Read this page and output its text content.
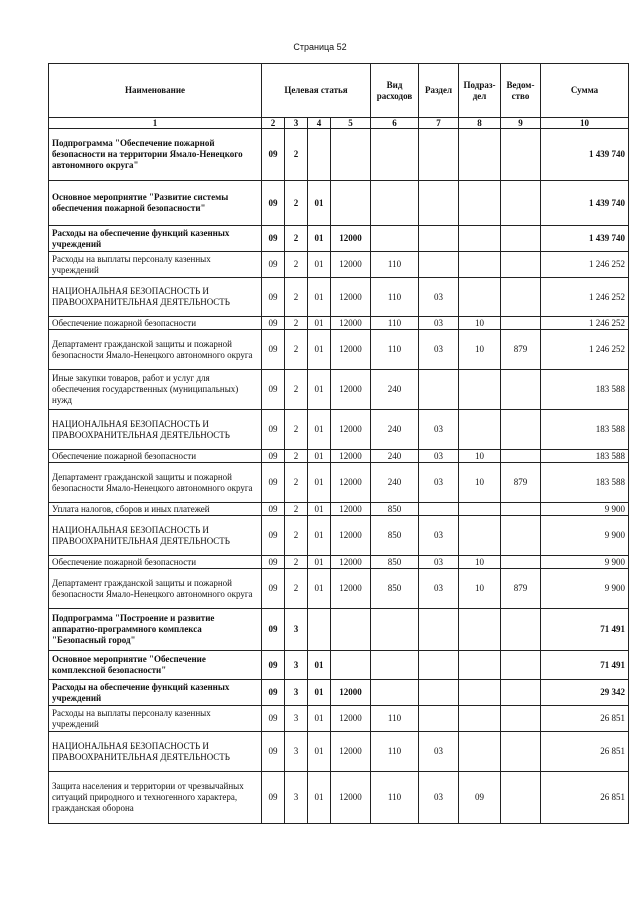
Страница 52
Наименование	Целевая статья				Вид расходов	Раздел	Подраз-дел	Ведом-ство	Сумма
1	2	3	4	5	6	7	8	9	10
Подпрограмма "Обеспечение пожарной безопасности на территории Ямало-Ненецкого автономного округа"	09	2							1 439 740
Основное мероприятие "Развитие системы обеспечения пожарной безопасности"	09	2	01						1 439 740
Расходы на обеспечение функций казенных учреждений	09	2	01	12000					1 439 740
Расходы на выплаты персоналу казенных учреждений	09	2	01	12000	110				1 246 252
НАЦИОНАЛЬНАЯ БЕЗОПАСНОСТЬ И ПРАВООХРАНИТЕЛЬНАЯ ДЕЯТЕЛЬНОСТЬ	09	2	01	12000	110	03			1 246 252
Обеспечение пожарной безопасности	09	2	01	12000	110	03	10		1 246 252
Департамент гражданской защиты и пожарной безопасности Ямало-Ненецкого автономного округа	09	2	01	12000	110	03	10	879	1 246 252
Иные закупки товаров, работ и услуг для обеспечения государственных (муниципальных) нужд	09	2	01	12000	240				183 588
НАЦИОНАЛЬНАЯ БЕЗОПАСНОСТЬ И ПРАВООХРАНИТЕЛЬНАЯ ДЕЯТЕЛЬНОСТЬ	09	2	01	12000	240	03			183 588
Обеспечение пожарной безопасности	09	2	01	12000	240	03	10		183 588
Департамент гражданской защиты и пожарной безопасности Ямало-Ненецкого автономного округа	09	2	01	12000	240	03	10	879	183 588
Уплата налогов, сборов и иных платежей	09	2	01	12000	850				9 900
НАЦИОНАЛЬНАЯ БЕЗОПАСНОСТЬ И ПРАВООХРАНИТЕЛЬНАЯ ДЕЯТЕЛЬНОСТЬ	09	2	01	12000	850	03			9 900
Обеспечение пожарной безопасности	09	2	01	12000	850	03	10		9 900
Департамент гражданской защиты и пожарной безопасности Ямало-Ненецкого автономного округа	09	2	01	12000	850	03	10	879	9 900
Подпрограмма "Построение и развитие аппаратно-программного комплекса "Безопасный город"	09	3							71 491
Основное мероприятие "Обеспечение комплексной безопасности"	09	3	01						71 491
Расходы на обеспечение функций казенных учреждений	09	3	01	12000					29 342
Расходы на выплаты персоналу казенных учреждений	09	3	01	12000	110				26 851
НАЦИОНАЛЬНАЯ БЕЗОПАСНОСТЬ И ПРАВООХРАНИТЕЛЬНАЯ ДЕЯТЕЛЬНОСТЬ	09	3	01	12000	110	03			26 851
Защита населения и территории от чрезвычайных ситуаций природного и техногенного характера, гражданская оборона	09	3	01	12000	110	03	09		26 851
